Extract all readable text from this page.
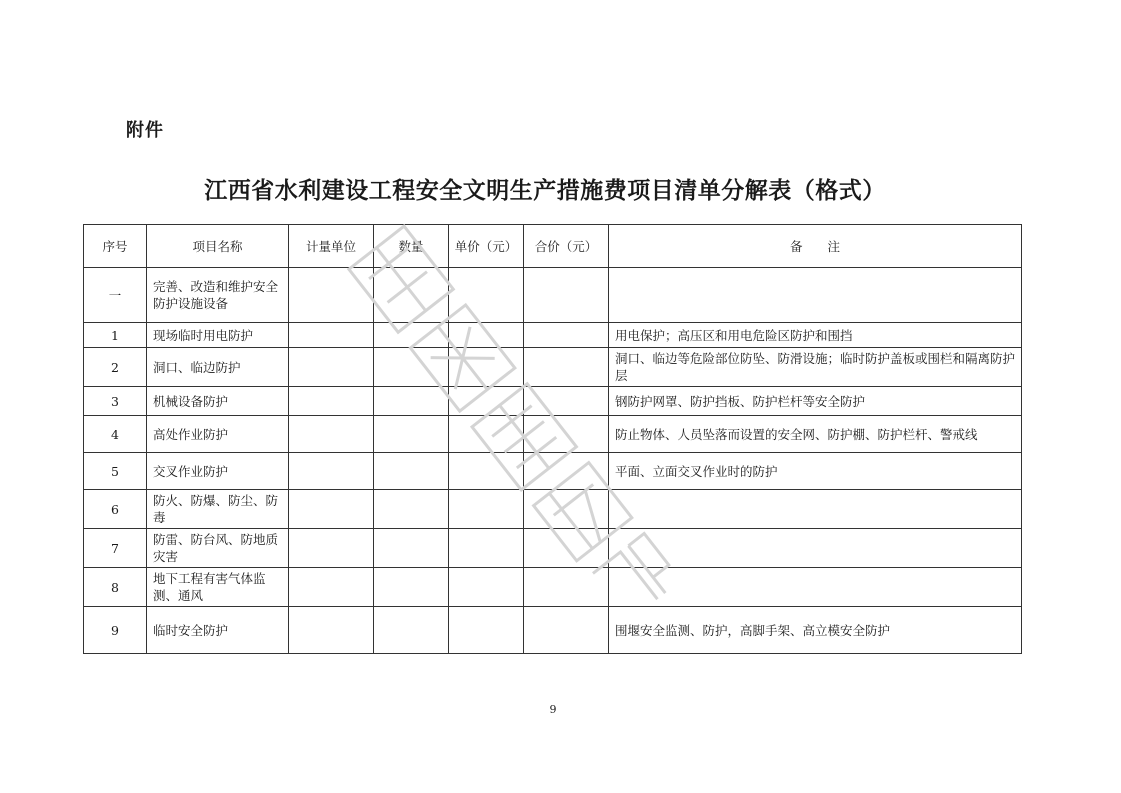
附件
江西省水利建设工程安全文明生产措施费项目清单分解表（格式）
序号	项目名称	计量单位	数量	单价（元）	合价（元）	备　　注
一	完善、改造和维护安全防护设施设备					
1	现场临时用电防护					用电保护；高压区和用电危险区防护和围挡
2	洞口、临边防护					洞口、临边等危险部位防坠、防滑设施；临时防护盖板或围栏和隔离防护层
3	机械设备防护					钢防护网罩、防护挡板、防护栏杆等安全防护
4	高处作业防护					防止物体、人员坠落而设置的安全网、防护棚、防护栏杆、警戒线
5	交叉作业防护					平面、立面交叉作业时的防护
6	防火、防爆、防尘、防毒					
7	防雷、防台风、防地质灾害					
8	地下工程有害气体监测、通风					
9	临时安全防护					围堰安全监测、防护，高脚手架、高立模安全防护
9
